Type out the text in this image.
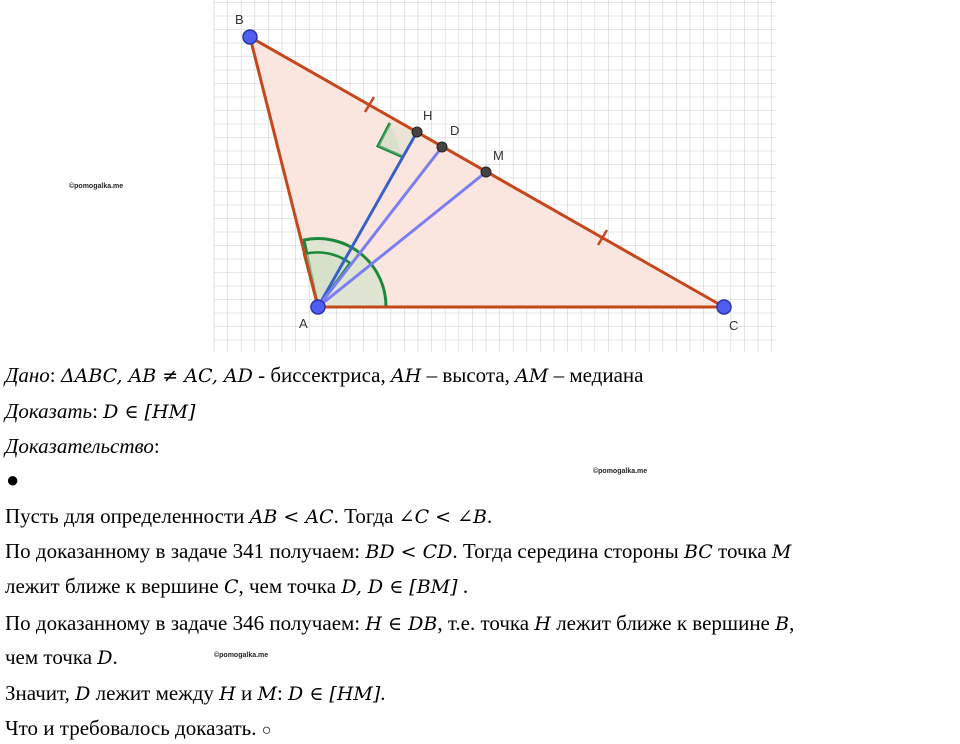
B
A	C
H
D
M
©pomogalka.me
©pomogalka.me
©pomogalka.me
Дано: ΔABC, AB ≠ AC, AD - биссектриса, AH – высота, AM – медиана
Доказать: D ∈ [HM]
Доказательство:
●
Пусть для определенности AB < AC. Тогда ∠C < ∠B.
По доказанному в задаче 341 получаем: BD < CD. Тогда середина стороны BC точка M
лежит ближе к вершине C, чем точка D, D ∈ [BM] .
По доказанному в задаче 346 получаем: H ∈ DB, т.е. точка H лежит ближе к вершине B,
чем точка D.
Значит, D лежит между H и M: D ∈ [HM].
Что и требовалось доказать. ○
